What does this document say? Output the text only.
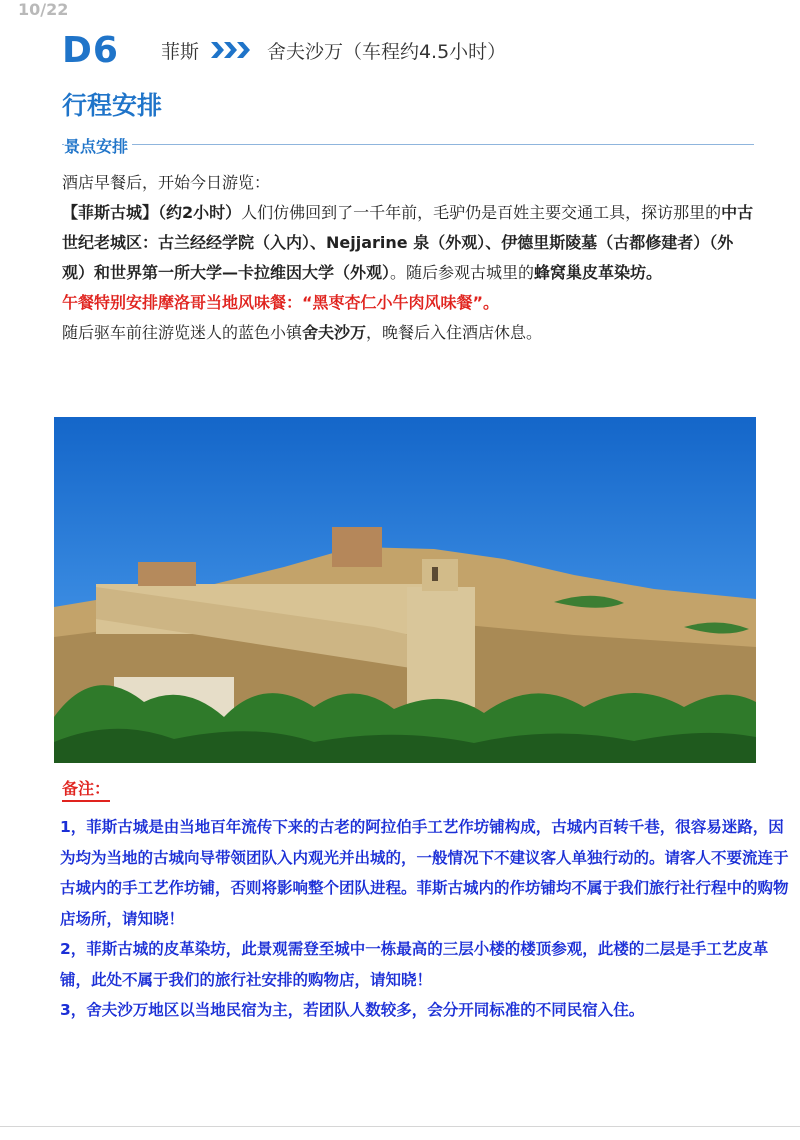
10/22
D6 菲斯	舍夫沙万（车程约4.5小时）
行程安排
景点安排

酒店早餐后，开始今日游览：

【菲斯古城】（约2小时）人们仿佛回到了一千年前，毛驴仍是百姓主要交通工具，探访那里的中古世纪老城区：古兰经经学院（入内）、Nejjarine 泉（外观）、伊德里斯陵墓（古都修建者）（外观）和世界第一所大学—卡拉维因大学（外观）。随后参观古城里的蜂窝巢皮革染坊。

午餐特别安排摩洛哥当地风味餐：“黑枣杏仁小牛肉风味餐”。

随后驱车前往游览迷人的蓝色小镇舍夫沙万，晚餐后入住酒店休息。

备注：

1，菲斯古城是由当地百年流传下来的古老的阿拉伯手工艺作坊铺构成，古城内百转千巷，很容易迷路，因为均为当地的古城向导带领团队入内观光并出城的，一般情况下不建议客人单独行动的。请客人不要流连于古城内的手工艺作坊铺，否则将影响整个团队进程。菲斯古城内的作坊铺均不属于我们旅行社行程中的购物店场所，请知晓！

2，菲斯古城的皮革染坊，此景观需登至城中一栋最高的三层小楼的楼顶参观，此楼的二层是手工艺皮革铺，此处不属于我们的旅行社安排的购物店，请知晓！

3，舍夫沙万地区以当地民宿为主，若团队人数较多，会分开同标准的不同民宿入住。
